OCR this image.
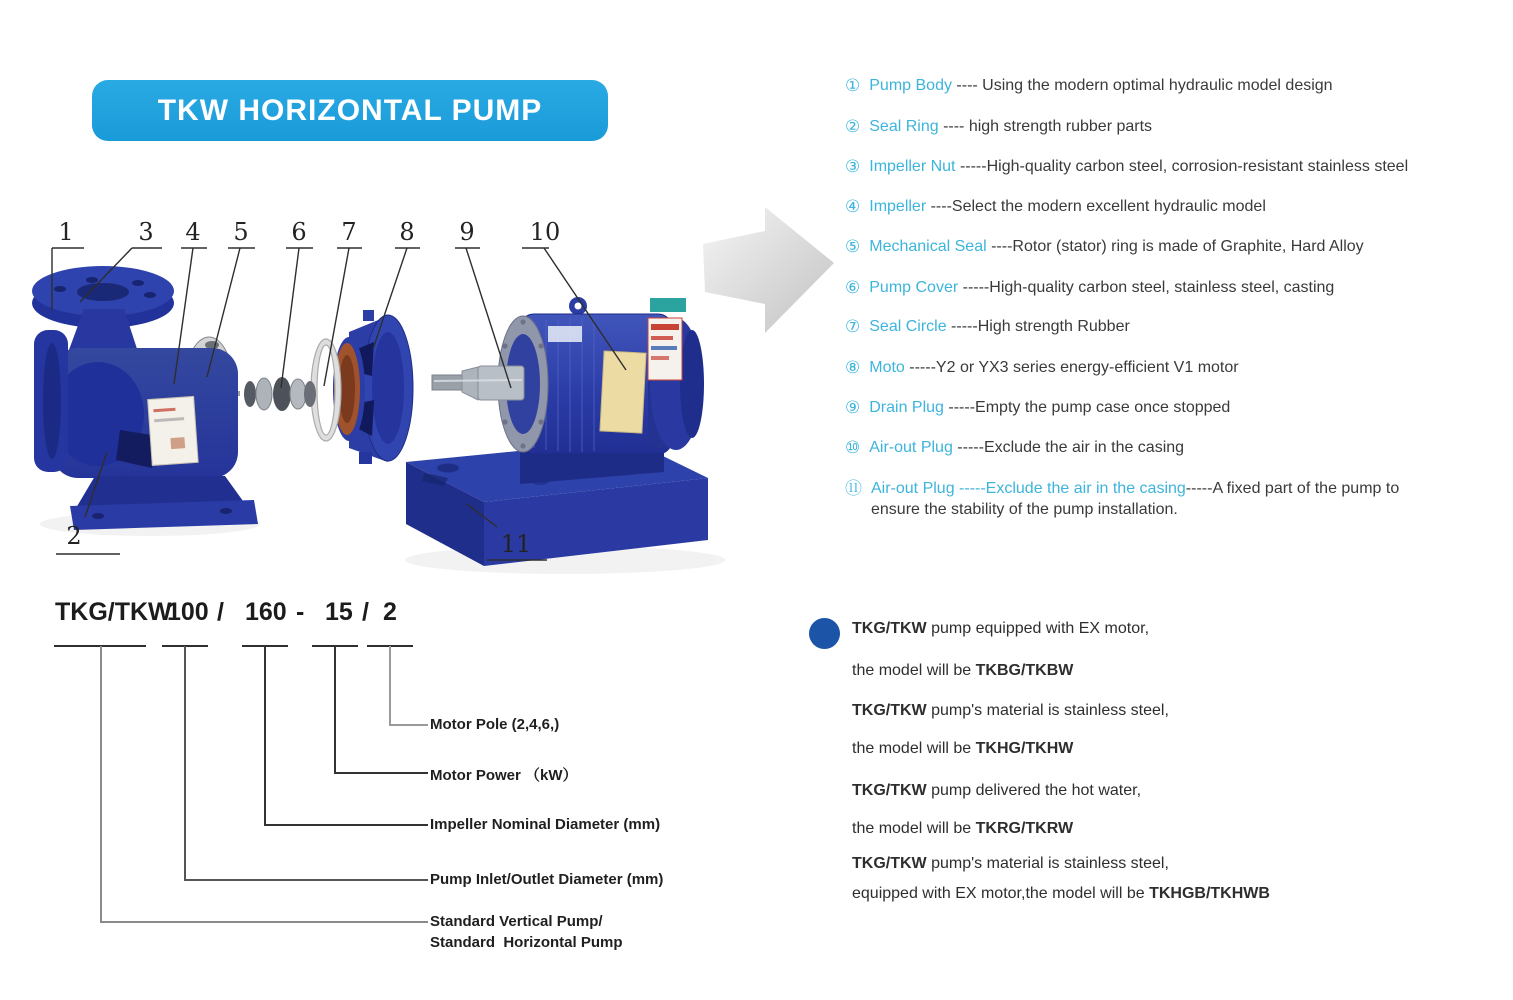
1	3 4 5 6 7 8 9 10
2	11
TKW HORIZONTAL PUMP
① Pump Body ---- Using the modern optimal hydraulic model design
② Seal Ring ---- high strength rubber parts
③ Impeller Nut -----High-quality carbon steel, corrosion-resistant stainless steel
④ Impeller ----Select the modern excellent hydraulic model
⑤ Mechanical Seal ----Rotor (stator) ring is made of Graphite, Hard Alloy
⑥ Pump Cover -----High-quality carbon steel, stainless steel, casting
⑦ Seal Circle -----High strength Rubber
⑧ Moto -----Y2 or YX3 series energy-efficient V1 motor
⑨ Drain Plug -----Empty the pump case once stopped
⑩ Air-out Plug -----Exclude the air in the casing
⑪ Air-out Plug -----Exclude the air in the casing-----A fixed part of the pump to
ensure the stability of the pump installation.
TKG/TKW
100 / 160 - 15 / 2
Motor Pole (2,4,6,)
Motor Power （kW）
Impeller Nominal Diameter (mm)
Pump Inlet/Outlet Diameter (mm)
Standard Vertical Pump/
Standard  Horizontal Pump

TKG/TKW pump equipped with EX motor,

the model will be TKBG/TKBW

TKG/TKW pump's material is stainless steel,

the model will be TKHG/TKHW

TKG/TKW pump delivered the hot water,

the model will be TKRG/TKRW

TKG/TKW pump's material is stainless steel,

equipped with EX motor,the model will be TKHGB/TKHWB
